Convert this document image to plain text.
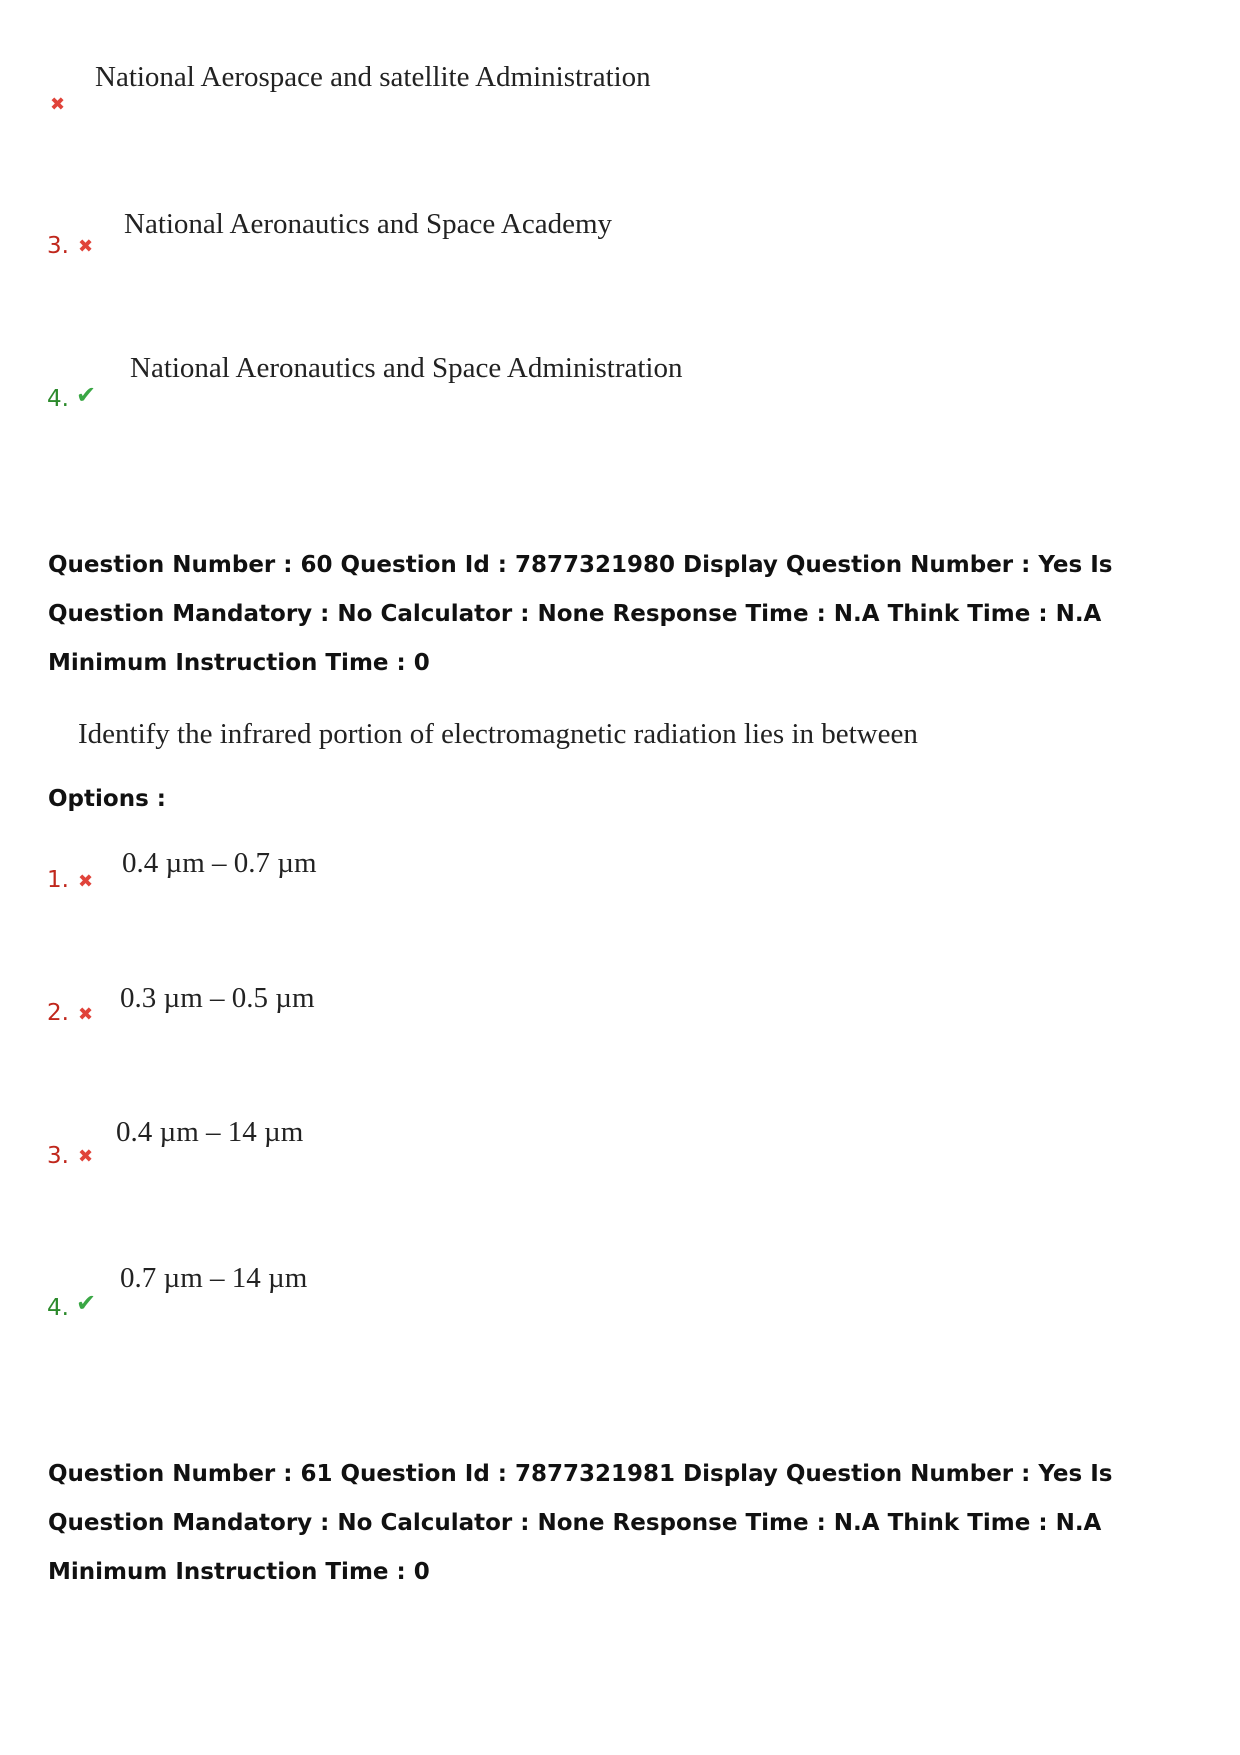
✖
National Aerospace and satellite Administration
3. ✖
National Aeronautics and Space Academy
4. ✔
National Aeronautics and Space Administration
Question Number : 60 Question Id : 7877321980 Display Question Number : Yes Is Question Mandatory : No Calculator : None Response Time : N.A Think Time : N.A Minimum Instruction Time : 0
Identify the infrared portion of electromagnetic radiation lies in between
Options :
1. ✖
0.4 µm – 0.7 µm
2. ✖
0.3 µm – 0.5 µm
3. ✖
0.4 µm – 14 µm
4. ✔
0.7 µm – 14 µm
Question Number : 61 Question Id : 7877321981 Display Question Number : Yes Is Question Mandatory : No Calculator : None Response Time : N.A Think Time : N.A Minimum Instruction Time : 0
